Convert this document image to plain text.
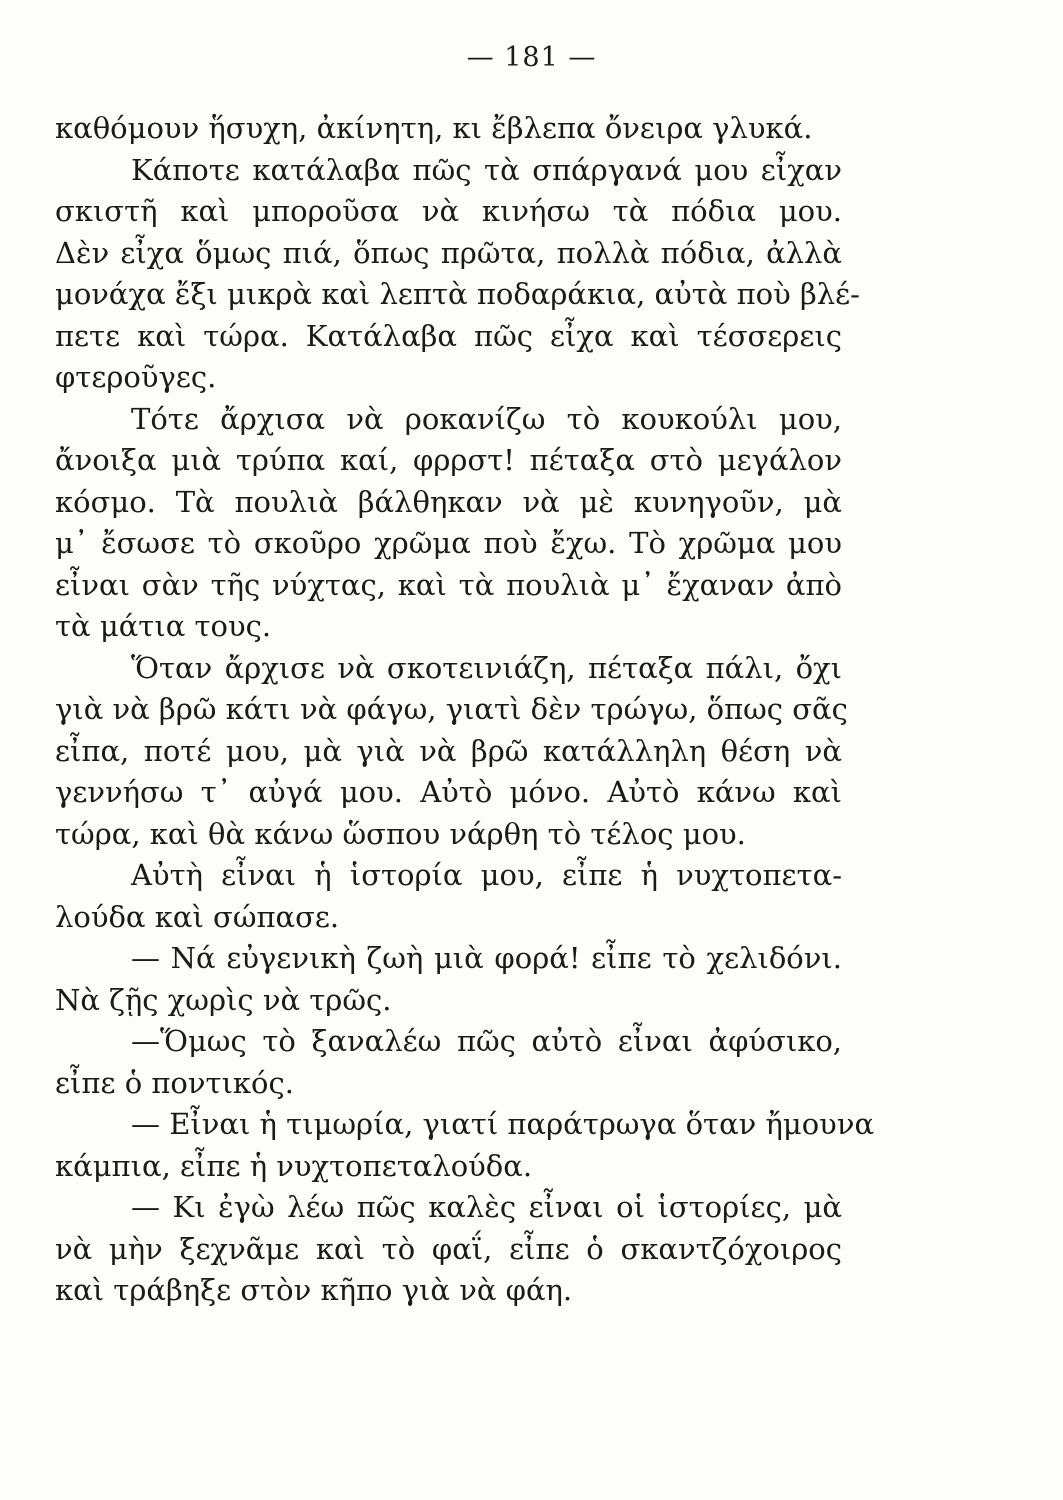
— 181 —
καθόμουν ἥσυχη, ἀκίνητη, κι ἔβλεπα ὄνειρα γλυκά.
Κάποτε κατάλαβα πῶς τὰ σπάργανά μου εἶχαν
σκιστῆ καὶ μποροῦσα νὰ κινήσω τὰ πόδια μου.
Δὲν εἶχα ὅμως πιά, ὅπως πρῶτα, πολλὰ πόδια, ἀλλὰ
μονάχα ἔξι μικρὰ καὶ λεπτὰ ποδαράκια, αὐτὰ ποὺ βλέ-
πετε καὶ τώρα. Κατάλαβα πῶς εἶχα καὶ τέσσερεις
φτεροῦγες.
Τότε ἄρχισα νὰ ροκανίζω τὸ κουκούλι μου,
ἄνοιξα μιὰ τρύπα καί, φρρστ! πέταξα στὸ μεγάλον
κόσμο. Τὰ πουλιὰ βάλθηκαν νὰ μὲ κυνηγοῦν, μὰ
μ᾽ ἔσωσε τὸ σκοῦρο χρῶμα ποὺ ἔχω. Τὸ χρῶμα μου
εἶναι σὰν τῆς νύχτας, καὶ τὰ πουλιὰ μ᾽ ἔχαναν ἀπὸ
τὰ μάτια τους.
Ὅταν ἄρχισε νὰ σκοτεινιάζη, πέταξα πάλι, ὄχι
γιὰ νὰ βρῶ κάτι νὰ φάγω, γιατὶ δὲν τρώγω, ὅπως σᾶς
εἶπα, ποτέ μου, μὰ γιὰ νὰ βρῶ κατάλληλη θέση νὰ
γεννήσω τ᾽ αὐγά μου. Αὐτὸ μόνο. Αὐτὸ κάνω καὶ
τώρα, καὶ θὰ κάνω ὥσπου νάρθη τὸ τέλος μου.
Αὐτὴ εἶναι ἡ ἱστορία μου, εἶπε ἡ νυχτοπετα-
λούδα καὶ σώπασε.
— Νά εὐγενικὴ ζωὴ μιὰ φορά! εἶπε τὸ χελιδόνι.
Νὰ ζῇς χωρὶς νὰ τρῶς.
—Ὅμως τὸ ξαναλέω πῶς αὐτὸ εἶναι ἀφύσικο,
εἶπε ὁ ποντικός.
— Εἶναι ἡ τιμωρία, γιατί παράτρωγα ὅταν ἤμουνα
κάμπια, εἶπε ἡ νυχτοπεταλούδα.
— Κι ἐγὼ λέω πῶς καλὲς εἶναι οἱ ἱστορίες, μὰ
νὰ μὴν ξεχνᾶμε καὶ τὸ φαΐ, εἶπε ὁ σκαντζόχοιρος
καὶ τράβηξε στὸν κῆπο γιὰ νὰ φάη.
